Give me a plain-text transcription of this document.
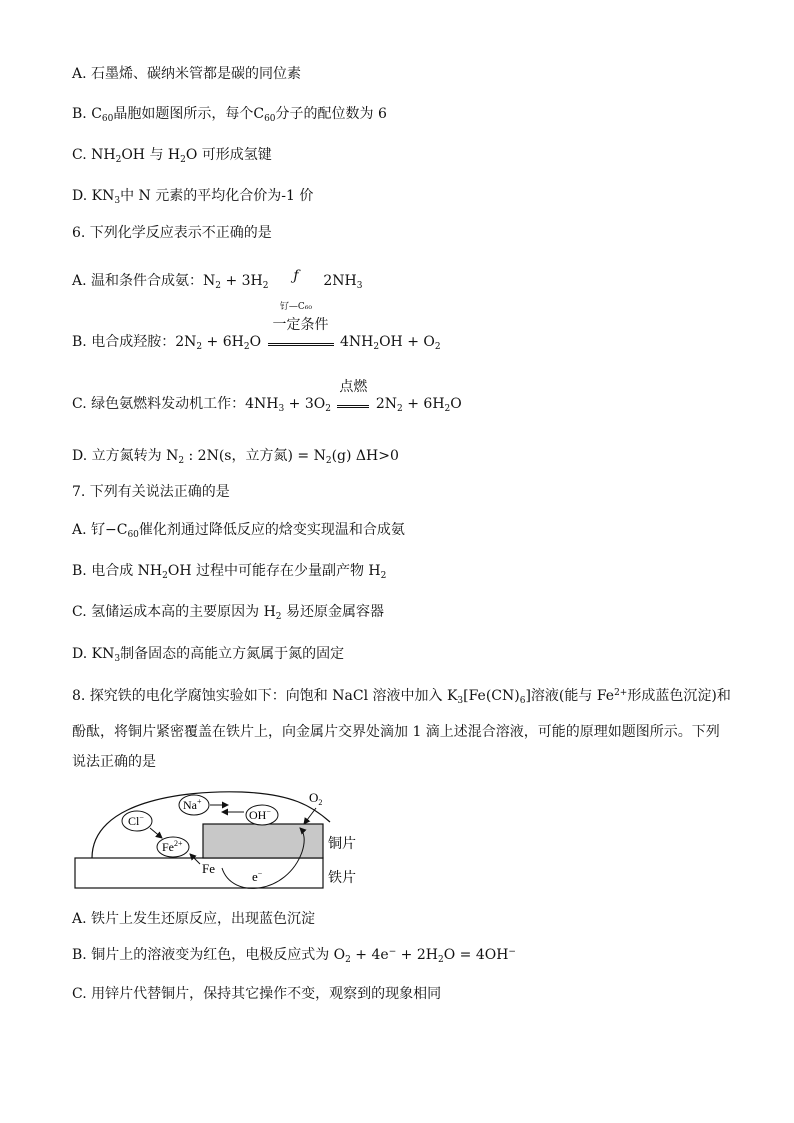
A. 石墨烯、碳纳米管都是碳的同位素
B. $C_{60}$晶胞如题图所示，每个$C_{60}$分子的配位数为 6
C. $NH_2OH$ 与 $H_2O$ 可形成氢键
D. $KN_3$中 N 元素的平均化合价为-1 价
6. 下列化学反应表示不正确的是
A. 温和条件合成氨：$N_2 + 3H_2$
ƒ
钌—C₆₀
$2NH_3$
B. 电合成羟胺：$2N_2 + 6H_2O$
一定条件
$4NH_2OH + O_2$
C. 绿色氨燃料发动机工作：$4NH_3 + 3O_2$
点燃
$2N_2 + 6H_2O$
D. 立方氮转为 $N_2$ : 2N(s，立方氮) = $N_2(g)$ ΔH>0
7. 下列有关说法正确的是
A. 钌$-C_{60}$催化剂通过降低反应的焓变实现温和合成氨
B. 电合成 $NH_2OH$ 过程中可能存在少量副产物 $H_2$
C. 氢储运成本高的主要原因为 $H_2$ 易还原金属容器
D. $KN_3$制备固态的高能立方氮属于氮的固定
8. 探究铁的电化学腐蚀实验如下：向饱和 NaCl 溶液中加入 $K_3[Fe(CN)_6]$溶液(能与 $Fe^{2+}$形成蓝色沉淀)和
酚酞，将铜片紧密覆盖在铁片上，向金属片交界处滴加 1 滴上述混合溶液，可能的原理如题图所示。下列
说法正确的是
$O_2$
Na+
OH−
Cl−
$Fe^{2+}$
Fe
e−
铜片
铁片
A. 铁片上发生还原反应，出现蓝色沉淀
B. 铜片上的溶液变为红色，电极反应式为 $O_2 + 4e^- + 2H_2O = 4OH^-$
C. 用锌片代替铜片，保持其它操作不变，观察到的现象相同
